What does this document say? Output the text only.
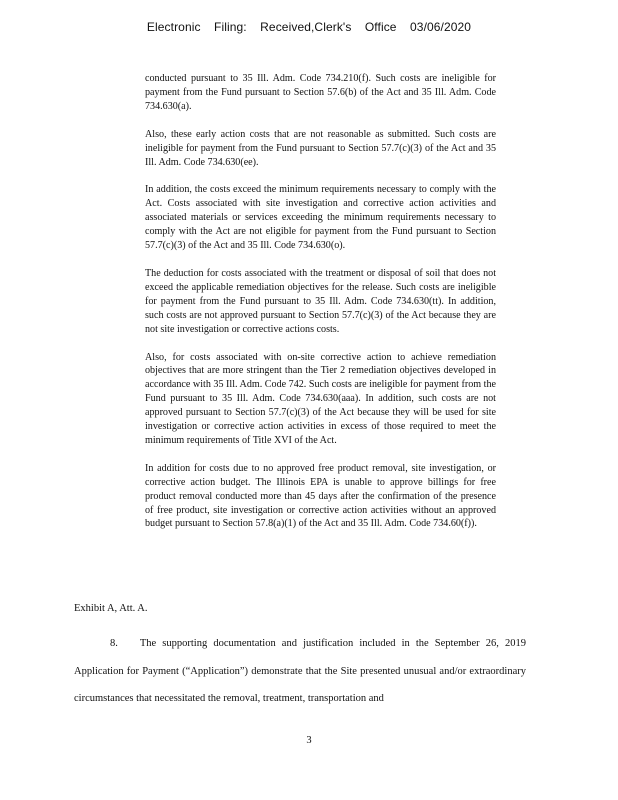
Electronic Filing: Received,Clerk's Office 03/06/2020

conducted pursuant to 35 Ill. Adm. Code 734.210(f). Such costs are ineligible for payment from the Fund pursuant to Section 57.6(b) of the Act and 35 Ill. Adm. Code 734.630(a).

Also, these early action costs that are not reasonable as submitted. Such costs are ineligible for payment from the Fund pursuant to Section 57.7(c)(3) of the Act and 35 Ill. Adm. Code 734.630(ee).

In addition, the costs exceed the minimum requirements necessary to comply with the Act. Costs associated with site investigation and corrective action activities and associated materials or services exceeding the minimum requirements necessary to comply with the Act are not eligible for payment from the Fund pursuant to Section 57.7(c)(3) of the Act and 35 Ill. Code 734.630(o).

The deduction for costs associated with the treatment or disposal of soil that does not exceed the applicable remediation objectives for the release. Such costs are ineligible for payment from the Fund pursuant to 35 Ill. Adm. Code 734.630(tt). In addition, such costs are not approved pursuant to Section 57.7(c)(3) of the Act because they are not site investigation or corrective actions costs.

Also, for costs associated with on-site corrective action to achieve remediation objectives that are more stringent than the Tier 2 remediation objectives developed in accordance with 35 Ill. Adm. Code 742. Such costs are ineligible for payment from the Fund pursuant to 35 Ill. Adm. Code 734.630(aaa). In addition, such costs are not approved pursuant to Section 57.7(c)(3) of the Act because they will be used for site investigation or corrective action activities in excess of those required to meet the minimum requirements of Title XVI of the Act.

In addition for costs due to no approved free product removal, site investigation, or corrective action budget. The Illinois EPA is unable to approve billings for free product removal conducted more than 45 days after the confirmation of the presence of free product, site investigation or corrective action activities without an approved budget pursuant to Section 57.8(a)(1) of the Act and 35 Ill. Adm. Code 734.60(f)).

Exhibit A, Att. A.
8. The supporting documentation and justification included in the September 26, 2019 Application for Payment (“Application”) demonstrate that the Site presented unusual and/or extraordinary circumstances that necessitated the removal, treatment, transportation and
3
